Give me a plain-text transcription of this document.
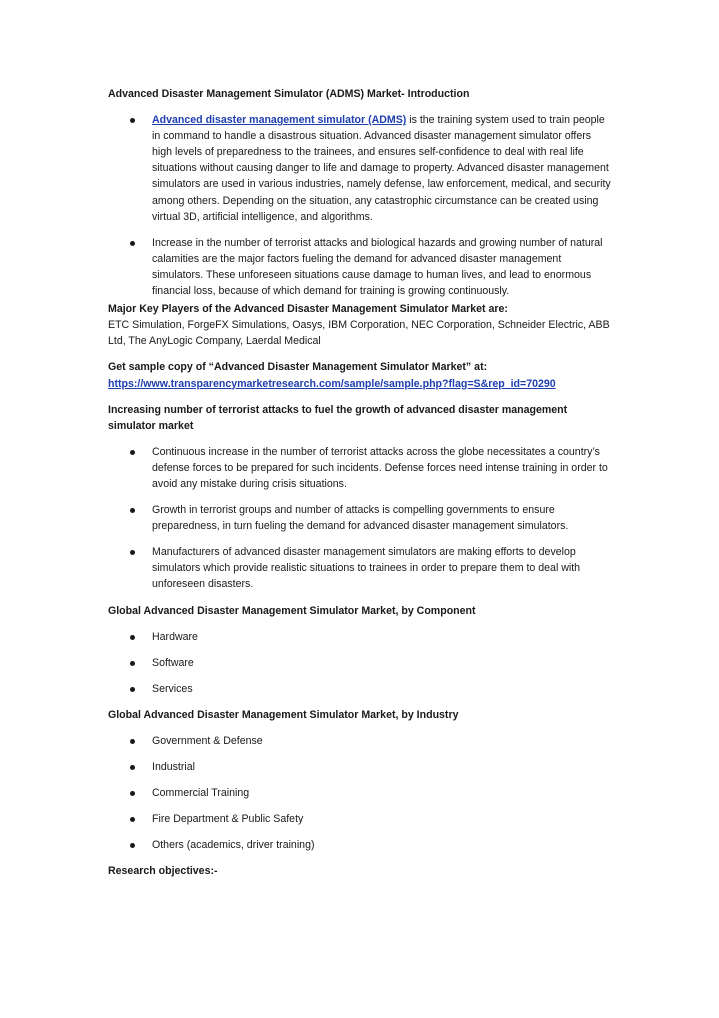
Advanced Disaster Management Simulator (ADMS) Market- Introduction

Advanced disaster management simulator (ADMS) is the training system used to train people in command to handle a disastrous situation. Advanced disaster management simulator offers high levels of preparedness to the trainees, and ensures self-confidence to deal with real life situations without causing danger to life and damage to property. Advanced disaster management simulators are used in various industries, namely defense, law enforcement, medical, and security among others. Depending on the situation, any catastrophic circumstance can be created using virtual 3D, artificial intelligence, and algorithms.
Increase in the number of terrorist attacks and biological hazards and growing number of natural calamities are the major factors fueling the demand for advanced disaster management simulators. These unforeseen situations cause damage to human lives, and lead to enormous financial loss, because of which demand for training is growing continuously.

Major Key Players of the Advanced Disaster Management Simulator Market are:

ETC Simulation, ForgeFX Simulations, Oasys, IBM Corporation, NEC Corporation, Schneider Electric, ABB Ltd, The AnyLogic Company, Laerdal Medical

Get sample copy of “Advanced Disaster Management Simulator Market” at:

https://www.transparencymarketresearch.com/sample/sample.php?flag=S&rep_id=70290

Increasing number of terrorist attacks to fuel the growth of advanced disaster management simulator market

Continuous increase in the number of terrorist attacks across the globe necessitates a country’s defense forces to be prepared for such incidents. Defense forces need intense training in order to avoid any mistake during crisis situations.
Growth in terrorist groups and number of attacks is compelling governments to ensure preparedness, in turn fueling the demand for advanced disaster management simulators.
Manufacturers of advanced disaster management simulators are making efforts to develop simulators which provide realistic situations to trainees in order to prepare them to deal with unforeseen disasters.

Global Advanced Disaster Management Simulator Market, by Component

Hardware
Software
Services

Global Advanced Disaster Management Simulator Market, by Industry

Government & Defense
Industrial
Commercial Training
Fire Department & Public Safety
Others (academics, driver training)

Research objectives:-
